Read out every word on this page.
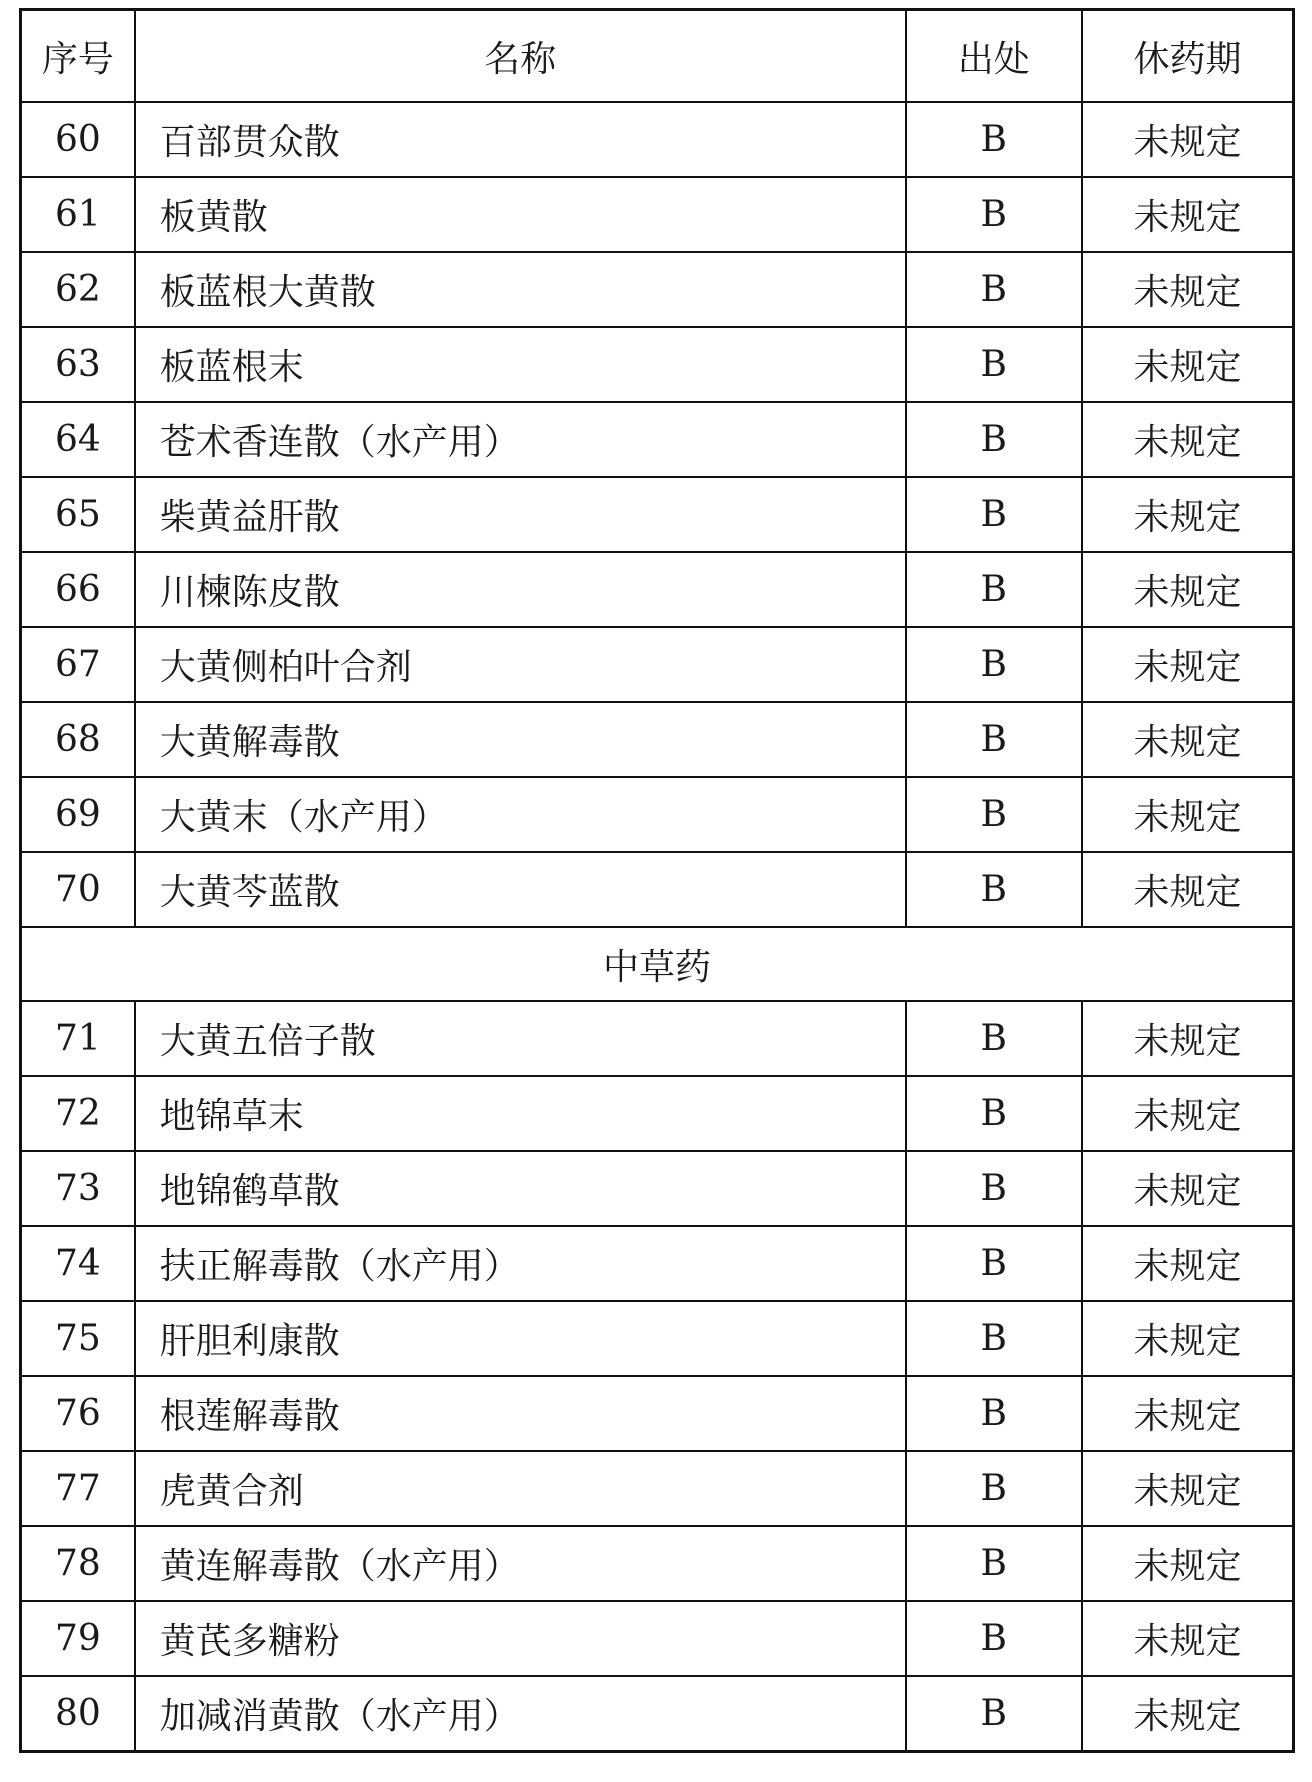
序号	名称	出处	休药期
60	百部贯众散	B	未规定
61	板黄散	B	未规定
62	板蓝根大黄散	B	未规定
63	板蓝根末	B	未规定
64	苍术香连散（水产用）	B	未规定
65	柴黄益肝散	B	未规定
66	川楝陈皮散	B	未规定
67	大黄侧柏叶合剂	B	未规定
68	大黄解毒散	B	未规定
69	大黄末（水产用）	B	未规定
70	大黄芩蓝散	B	未规定
中草药			
71	大黄五倍子散	B	未规定
72	地锦草末	B	未规定
73	地锦鹤草散	B	未规定
74	扶正解毒散（水产用）	B	未规定
75	肝胆利康散	B	未规定
76	根莲解毒散	B	未规定
77	虎黄合剂	B	未规定
78	黄连解毒散（水产用）	B	未规定
79	黄芪多糖粉	B	未规定
80	加减消黄散（水产用）	B	未规定
